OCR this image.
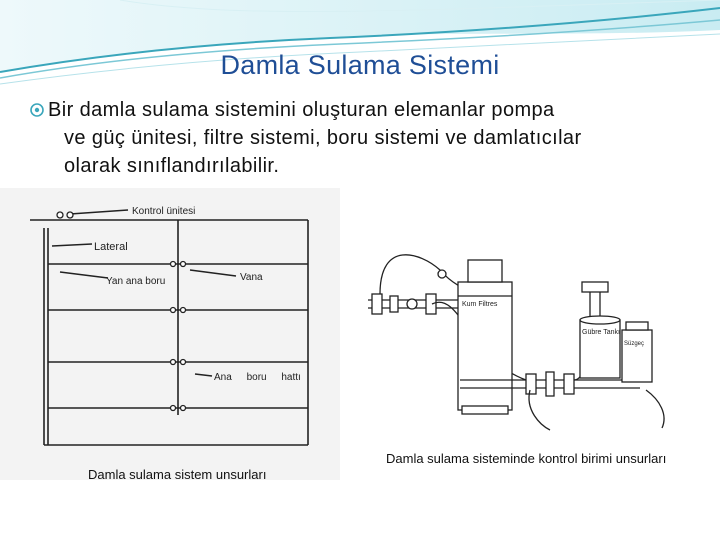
Damla Sulama Sistemi
Bir damla sulama sistemini oluşturan elemanlar pompa
ve güç ünitesi, filtre sistemi, boru sistemi ve damlatıcılar
olarak sınıflandırılabilir.
Kontrol ünitesi
Lateral
Yan ana boru	Vana
Ana boru hattı
Damla sulama sistem unsurları
Kum Filtres
Gübre Tankı
Süzgeç
Damla sulama sisteminde kontrol birimi unsurları
